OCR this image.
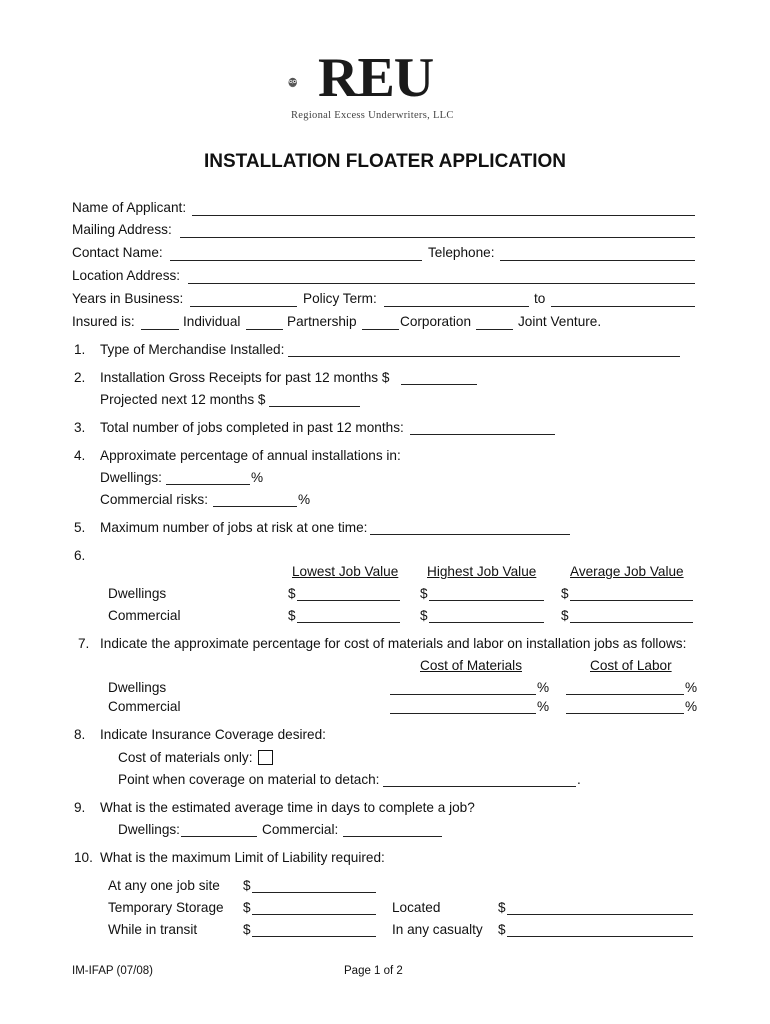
REU
Regional Excess Underwriters, LLC
INSTALLATION FLOATER APPLICATION
Name of Applicant:
Mailing Address:
Contact Name:	Telephone:
Location Address:
Years in Business:	Policy Term:	to
Insured is:	Individual	Partnership	Corporation	Joint Venture.
1. Type of Merchandise Installed:
2. Installation Gross Receipts for past 12 months $
Projected next 12 months $
3. Total number of jobs completed in past 12 months:
4. Approximate percentage of annual installations in:
Dwellings:	%
Commercial risks:	%
5. Maximum number of jobs at risk at one time:
6.
Lowest Job Value Highest Job Value Average Job Value
Dwellings	$	$	$
Commercial	$	$	$
7. Indicate the approximate percentage for cost of materials and labor on installation jobs as follows:
Cost of Materials	Cost of Labor
Dwellings	%	%
Commercial	%	%
8. Indicate Insurance Coverage desired:
Cost of materials only:
Point when coverage on material to detach:	.
9. What is the estimated average time in days to complete a job?
Dwellings:	Commercial:
10. What is the maximum Limit of Liability required:
At any one job site $
Temporary Storage $	Located	$
While in transit	$	In any casualty $
IM-IFAP (07/08)	Page 1 of 2
